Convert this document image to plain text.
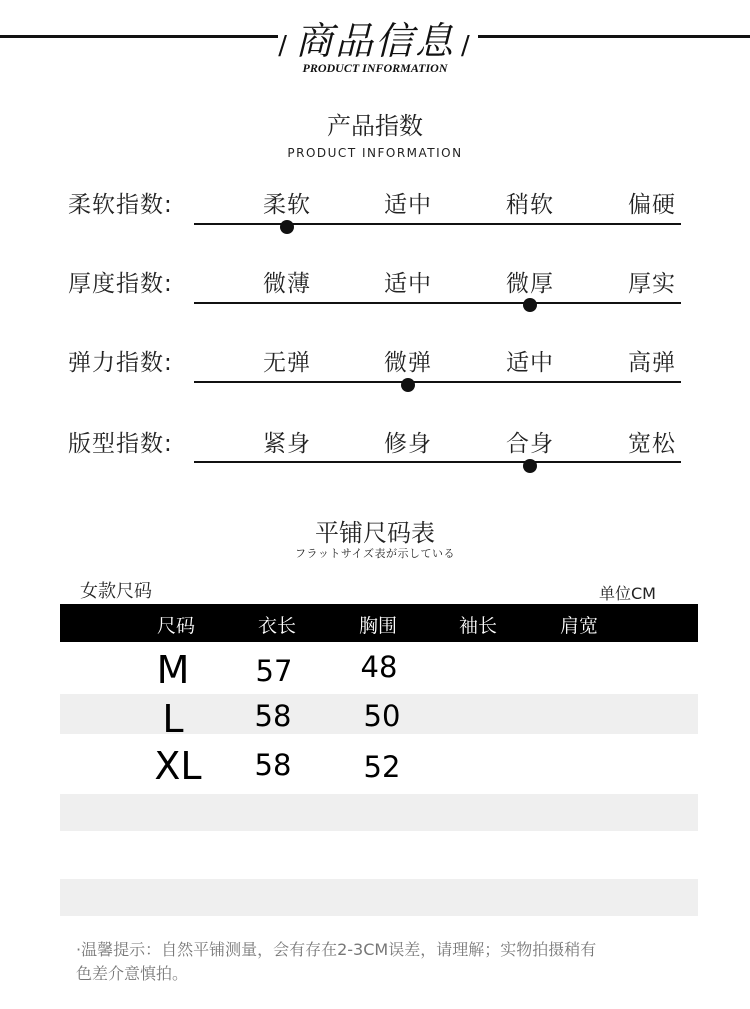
/ 商品信息 /
PRODUCT INFORMATION
产品指数
PRODUCT INFORMATION
柔软指数:	柔软	适中	稍软	偏硬
厚度指数:	微薄	适中	微厚	厚实
弹力指数:	无弹	微弹	适中	高弹
版型指数:	紧身	修身	合身	宽松
平铺尺码表
フラットサイズ表が示している
女款尺码	单位CM
尺码	衣长	胸围	袖长	肩宽
M	57	48
L	58	50
XL	58	52
·温馨提示：自然平铺测量，会有存在2-3CM误差，请理解；实物拍摄稍有
色差介意慎拍。
